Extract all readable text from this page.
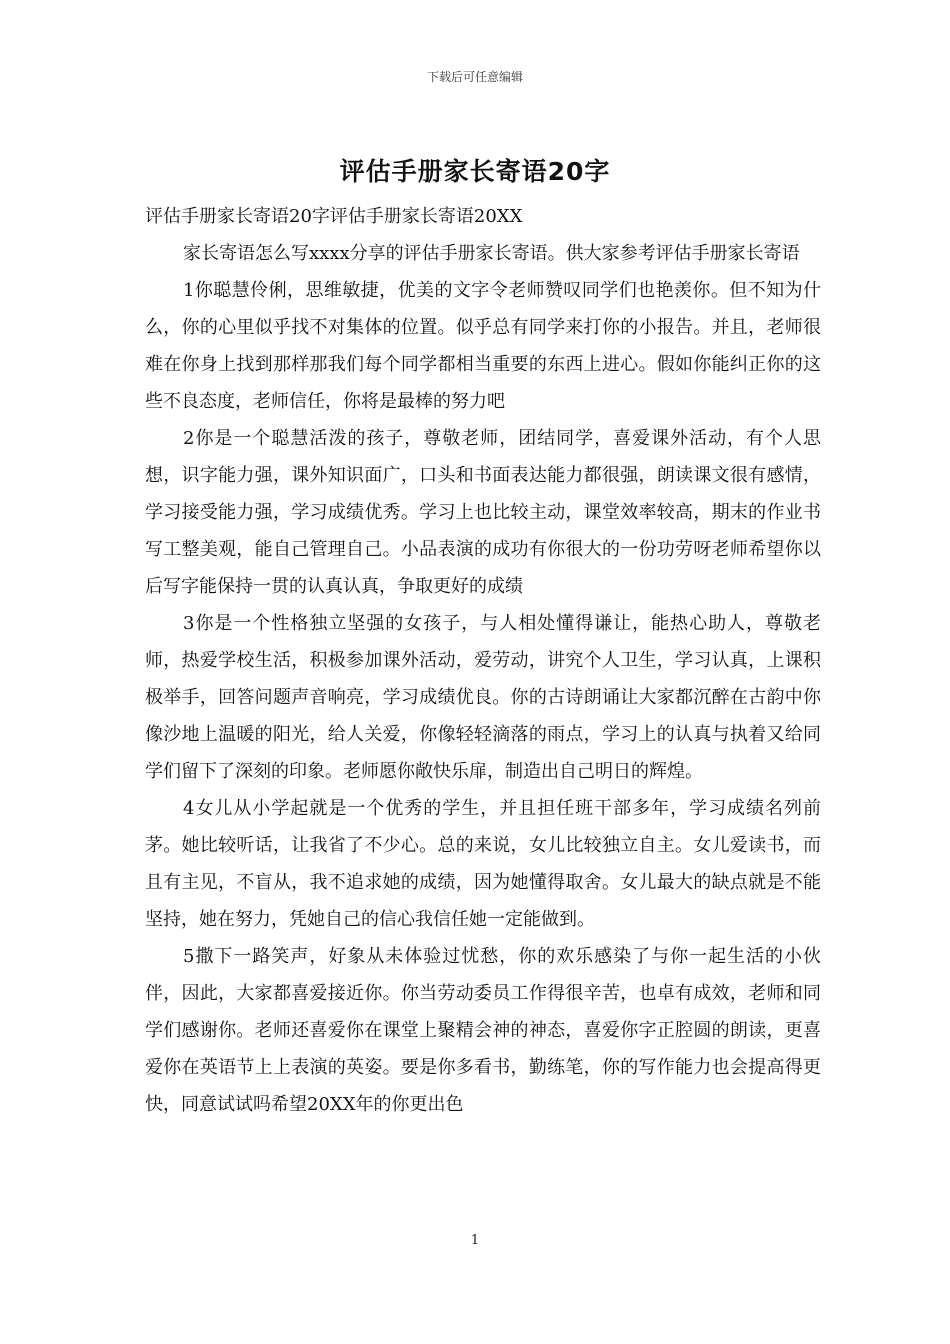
下载后可任意编辑
评估手册家长寄语20字

评估手册家长寄语20字评估手册家长寄语20XX

家长寄语怎么写xxxx分享的评估手册家长寄语。供大家参考评估手册家长寄语

1你聪慧伶俐，思维敏捷，优美的文字令老师赞叹同学们也艳羡你。但不知为什么，你的心里似乎找不对集体的位置。似乎总有同学来打你的小报告。并且，老师很难在你身上找到那样那我们每个同学都相当重要的东西上进心。假如你能纠正你的这些不良态度，老师信任，你将是最棒的努力吧

2你是一个聪慧活泼的孩子，尊敬老师，团结同学，喜爱课外活动，有个人思想，识字能力强，课外知识面广，口头和书面表达能力都很强，朗读课文很有感情，学习接受能力强，学习成绩优秀。学习上也比较主动，课堂效率较高，期末的作业书写工整美观，能自己管理自己。小品表演的成功有你很大的一份功劳呀老师希望你以后写字能保持一贯的认真认真，争取更好的成绩

3你是一个性格独立坚强的女孩子，与人相处懂得谦让，能热心助人，尊敬老师，热爱学校生活，积极参加课外活动，爱劳动，讲究个人卫生，学习认真，上课积极举手，回答问题声音响亮，学习成绩优良。你的古诗朗诵让大家都沉醉在古韵中你像沙地上温暖的阳光，给人关爱，你像轻轻滴落的雨点，学习上的认真与执着又给同学们留下了深刻的印象。老师愿你敞快乐扉，制造出自己明日的辉煌。

4女儿从小学起就是一个优秀的学生，并且担任班干部多年，学习成绩名列前茅。她比较听话，让我省了不少心。总的来说，女儿比较独立自主。女儿爱读书，而且有主见，不盲从，我不追求她的成绩，因为她懂得取舍。女儿最大的缺点就是不能坚持，她在努力，凭她自己的信心我信任她一定能做到。

5撒下一路笑声，好象从未体验过忧愁，你的欢乐感染了与你一起生活的小伙伴，因此，大家都喜爱接近你。你当劳动委员工作得很辛苦，也卓有成效，老师和同学们感谢你。老师还喜爱你在课堂上聚精会神的神态，喜爱你字正腔圆的朗读，更喜爱你在英语节上上表演的英姿。要是你多看书，勤练笔，你的写作能力也会提高得更快，同意试试吗希望20XX年的你更出色

1
